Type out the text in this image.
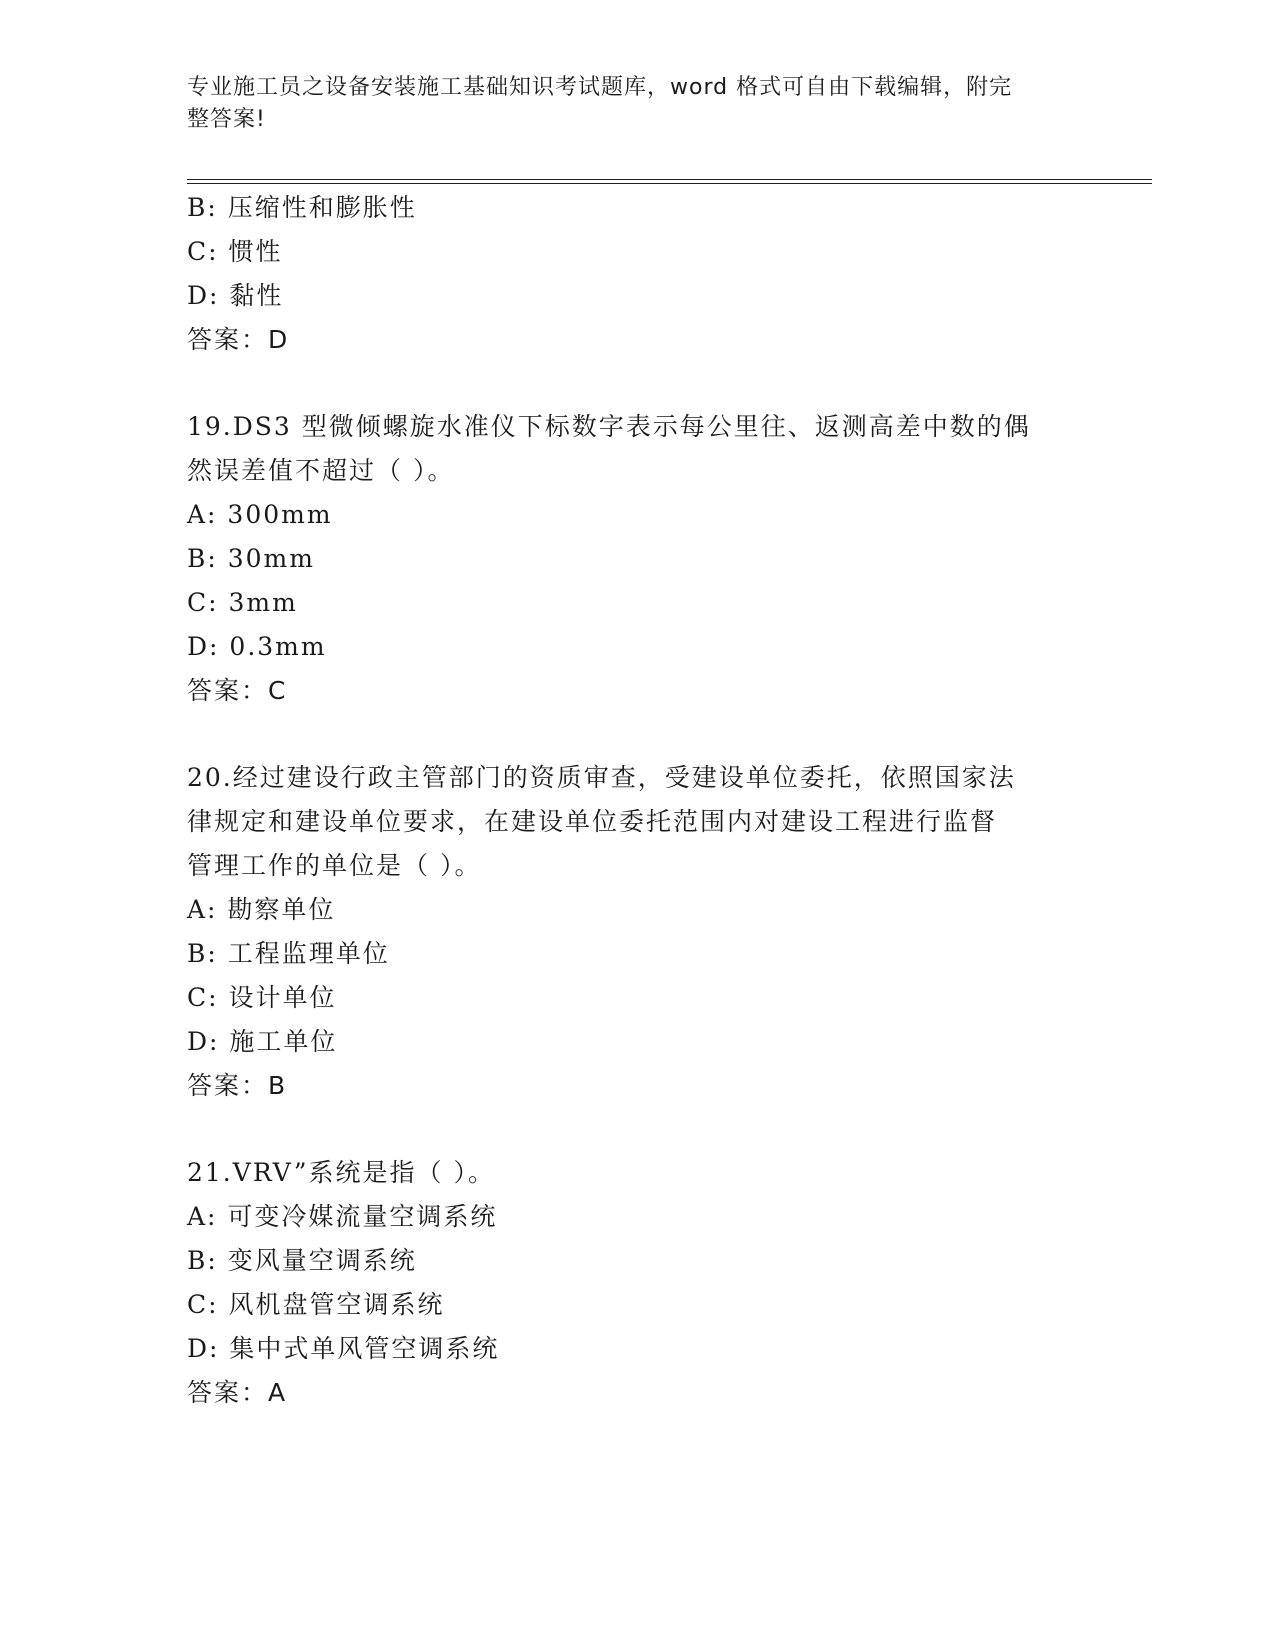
专业施工员之设备安装施工基础知识考试题库，word 格式可自由下载编辑，附完
整答案!
B: 压缩性和膨胀性
C: 惯性
D: 黏性
答案：D
19.DS3 型微倾螺旋水准仪下标数字表示每公里往、返测高差中数的偶
然误差值不超过（ ）。
A: 300mm
B: 30mm
C: 3mm
D: 0.3mm
答案：C
20.经过建设行政主管部门的资质审查，受建设单位委托，依照国家法
律规定和建设单位要求，在建设单位委托范围内对建设工程进行监督
管理工作的单位是（ ）。
A: 勘察单位
B: 工程监理单位
C: 设计单位
D: 施工单位
答案：B
21.VRV”系统是指（ ）。
A: 可变冷媒流量空调系统
B: 变风量空调系统
C: 风机盘管空调系统
D: 集中式单风管空调系统
答案：A
